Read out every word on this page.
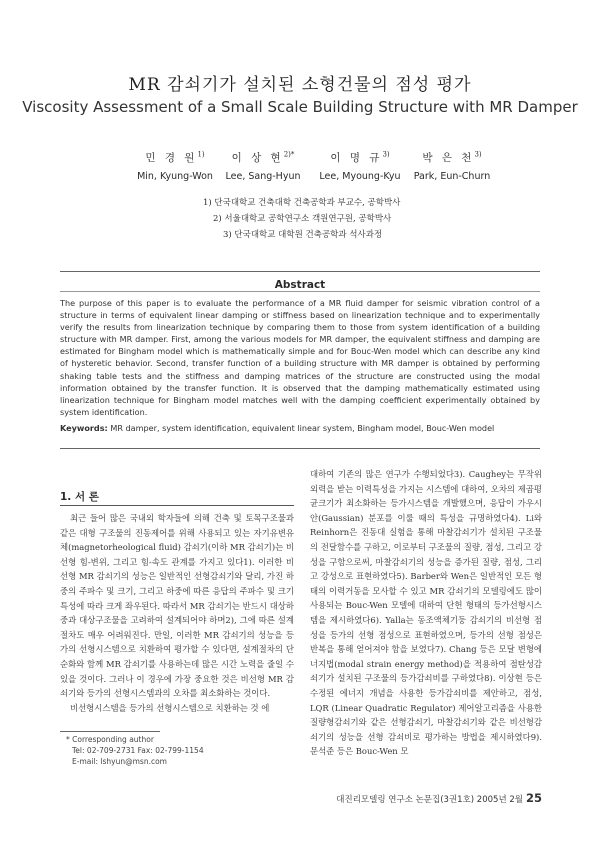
MR 감쇠기가 설치된 소형건물의 점성 평가
Viscosity Assessment of a Small Scale Building Structure with MR Damper
민 경 원$^{1)}$
Min, Kyung-Won
이 상 현$^{2)*}$
Lee, Sang-Hyun
이 명 규$^{3)}$
Lee, Myoung-Kyu
박 은 천$^{3)}$
Park, Eun-Churn
1) 단국대학교 건축대학 건축공학과 부교수, 공학박사
2) 서울대학교 공학연구소 객원연구원, 공학박사
3) 단국대학교 대학원 건축공학과 석사과정
Abstract
The purpose of this paper is to evaluate the performance of a MR fluid damper for seismic vibration control of a structure in terms of equivalent linear damping or stiffness based on linearization technique and to experimentally verify the results from linearization technique by comparing them to those from system identification of a building structure with MR damper. First, among the various models for MR damper, the equivalent stiffness and damping are estimated for Bingham model which is mathematically simple and for Bouc-Wen model which can describe any kind of hysteretic behavior. Second, transfer function of a building structure with MR damper is obtained by performing shaking table tests and the stiffness and damping matrices of the structure are constructed using the modal information obtained by the transfer function. It is observed that the damping mathematically estimated using linearization technique for Bingham model matches well with the damping coefficient experimentally obtained by system identification.
Keywords: MR damper, system identification, equivalent linear system, Bingham model, Bouc-Wen model
1. 서 론

최근 들어 많은 국내외 학자들에 의해 건축 및 토목구조물과 같은 대형 구조물의 진동제어를 위해 사용되고 있는 자기유변유체(magnetorheological fluid) 감쇠기(이하 MR 감쇠기)는 비선형 힘-변위, 그리고 힘-속도 관계를 가지고 있다1). 이러한 비선형 MR 감쇠기의 성능은 일반적인 선형감쇠기와 달리, 가진 하중의 주파수 및 크기, 그리고 하중에 따른 응답의 주파수 및 크기특성에 따라 크게 좌우된다. 따라서 MR 감쇠기는 반드시 대상하중과 대상구조물을 고려하여 설계되어야 하며2), 그에 따른 설계절차도 매우 어려워진다. 만일, 이러한 MR 감쇠기의 성능을 등가의 선형시스템으로 치환하여 평가할 수 있다면, 설계절차의 단순화와 함께 MR 감쇠기를 사용하는데 많은 시간 노력을 줄일 수 있을 것이다. 그러나 이 경우에 가장 중요한 것은 비선형 MR 감쇠기와 등가의 선형시스템과의 오차를 최소화하는 것이다.

비선형시스템을 등가의 선형시스템으로 치환하는 것 에

대하여 기존의 많은 연구가 수행되었다3). Caughey는 무작위 외력을 받는 이력특성을 가지는 시스템에 대하여, 오차의 제곱평균크기가 최소화하는 등가시스템을 개발했으며, 응답이 가우시안(Gaussian) 분포를 이룰 때의 특성을 규명하였다4). Li와 Reinhorn은 진동대 실험을 통해 마찰감쇠기가 설치된 구조물의 전달함수를 구하고, 이로부터 구조물의 질량, 점성, 그리고 강성을 구함으로써, 마찰감쇠기의 성능을 증가된 질량, 점성, 그리고 강성으로 표현하였다5). Barber와 Wen은 일반적인 모든 형태의 이력거동을 모사할 수 있고 MR 감쇠기의 모델링에도 많이 사용되는 Bouc-Wen 모델에 대하여 단헌 형태의 등가선형시스템을 제시하였다6). Yalla는 동조액체기둥 감쇠기의 비선형 점성을 등가의 선형 점성으로 표현하였으며, 등가의 선형 점성은 반복을 통해 얻어져야 함을 보였다7). Chang 등은 모달 변형에너지법(modal strain energy method)을 적용하여 점탄성감쇠기가 설치된 구조물의 등가감쇠비를 구하였다8). 이상현 등은 수정된 에너지 개념을 사용한 등가감쇠비를 제안하고, 점성, LQR (Linear Quadratic Regulator) 제어알고리즘을 사용한 질량형감쇠기와 같은 선형감쇠기, 마찰감쇠기와 같은 비선형감쇠기의 성능을 선형 감쇠비로 평가하는 방법을 제시하였다9). 문석준 등은 Bouc-Wen 모

* Corresponding author
Tel: 02-709-2731 Fax: 02-799-1154
E-mail: lshyun@msn.com
대진리모델링 연구소 논문집(3권1호) 2005년 2월 25
